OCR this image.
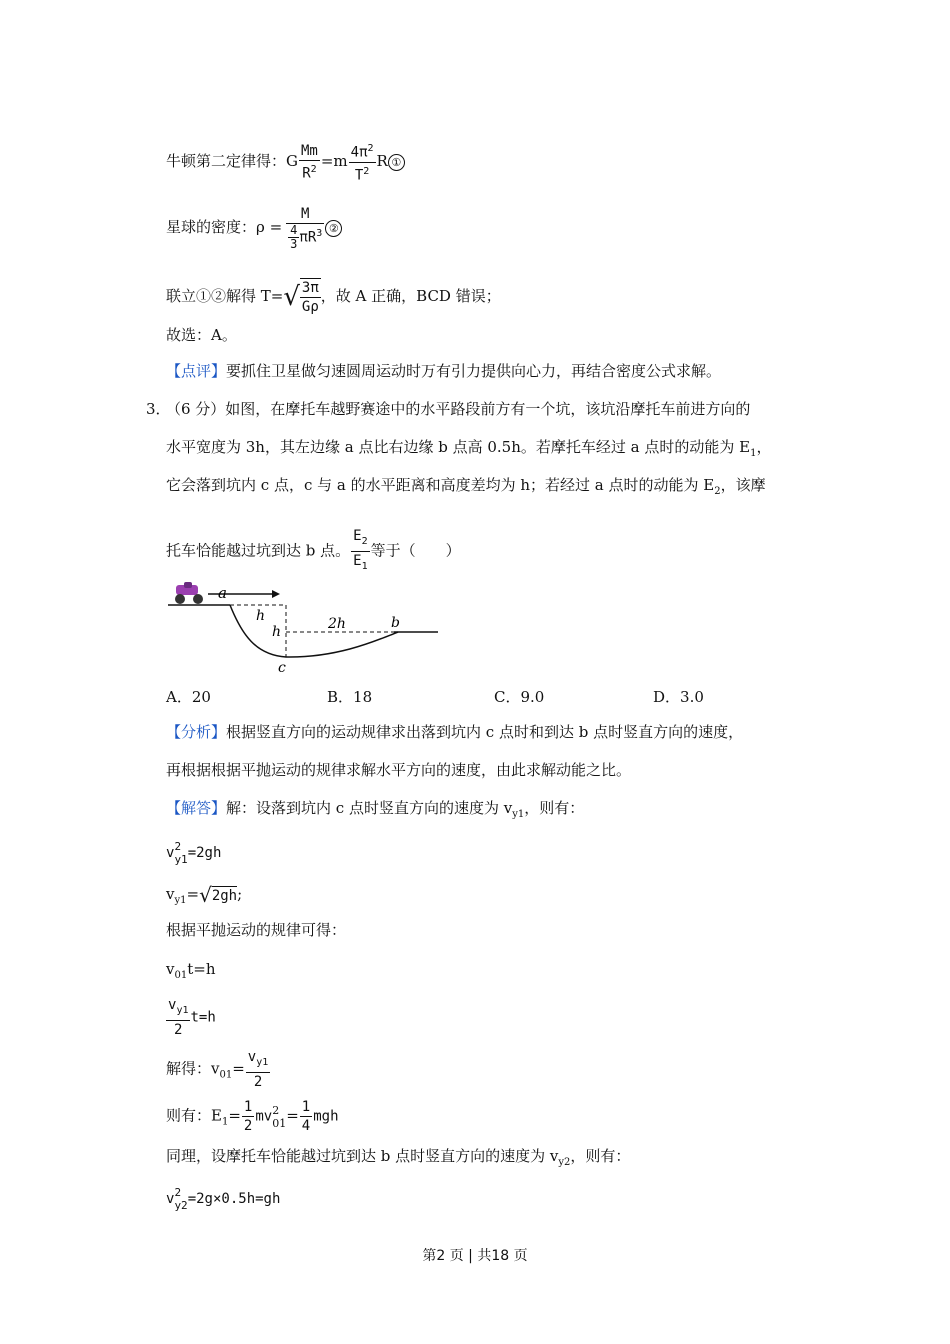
牛顿第二定律得：G $\frac{Mm}{R^2} =m \frac{4\pi^2}{T^2}$ R ①
星球的密度：$\rho = \frac{M}{\frac{4}{3} \pi R^3}$ ②
联立①②解得 $T=√ \frac{3\pi}{G\rho}$ ，故 A 正确，BCD 错误；
故选：A。
【点评】要抓住卫星做匀速圆周运动时万有引力提供向心力，再结合密度公式求解。
3．
（6 分）如图，在摩托车越野赛途中的水平路段前方有一个坑，该坑沿摩托车前进方向的
水平宽度为 3h，其左边缘 a 点比右边缘 b 点高 0.5h。若摩托车经过 a 点时的动能为 $E_1$，
它会落到坑内 c 点，c 与 a 的水平距离和高度差均为 h；若经过 a 点时的动能为 $E_2$，该摩
托车恰能越过坑到达 b 点。 $\frac{E_2}{E_1}$ 等于（　　）
a
h
h	2h	b
c
A．20	B．18	C．9.0	D．3.0
【分析】根据竖直方向的运动规律求出落到坑内 c 点时和到达 b 点时竖直方向的速度，
再根据根据平抛运动的规律求解水平方向的速度，由此求解动能之比。
【解答】解：设落到坑内 c 点时竖直方向的速度为 $v_{y1}$，则有：
v 2
y1 =2gh
$v_{y1}=√2gh$;
根据平抛运动的规律可得：
$v_{01}t=h$
$\frac{v_{y1}}{2} t=h$
解得：$v_{01}= \frac{v_{y1}}{2}$
则有：$E_1= \frac{1}{2}$ mv 2
$01 = \frac{1}{4}$ mgh
同理，设摩托车恰能越过坑到达 b 点时竖直方向的速度为 $v_{y2}$，则有：
v 2
y2 =2g×0.5h=gh
第2 页 | 共18 页
